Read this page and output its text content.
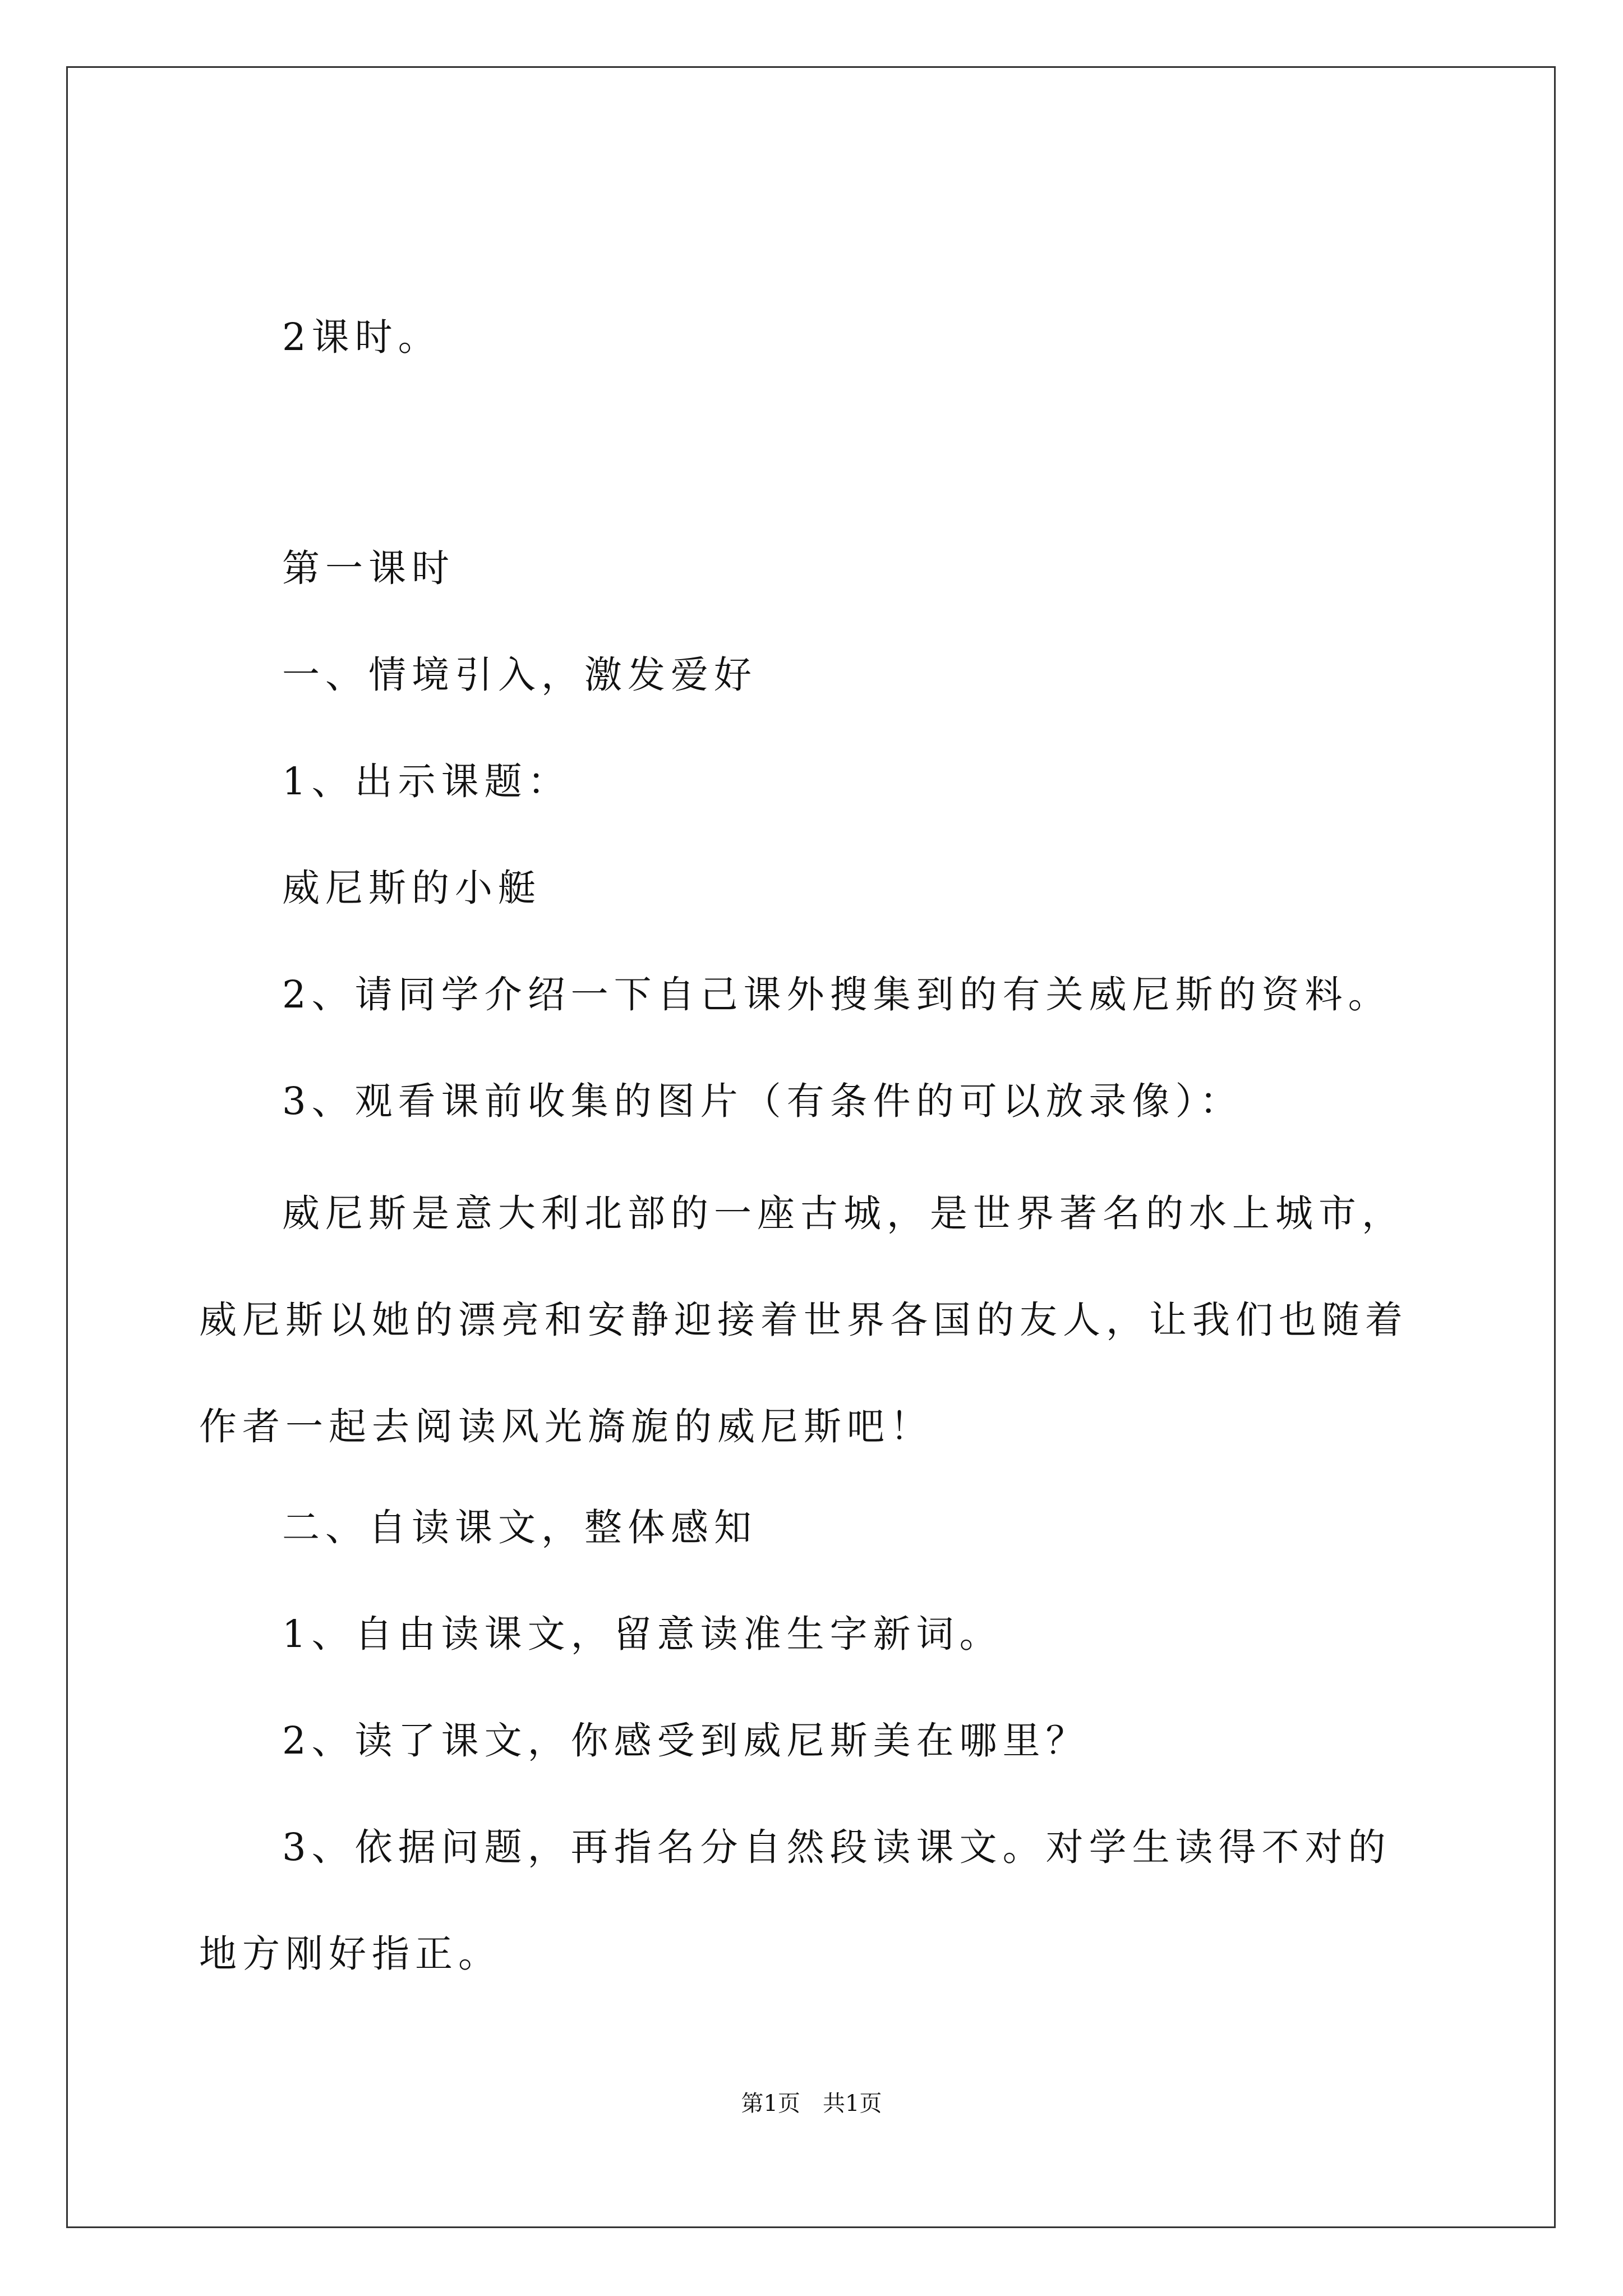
2课时。
第一课时
一、情境引入，激发爱好
1、出示课题：
威尼斯的小艇
2、请同学介绍一下自己课外搜集到的有关威尼斯的资料。
3、观看课前收集的图片（有条件的可以放录像）：
威尼斯是意大利北部的一座古城，是世界著名的水上城市，威尼斯以她的漂亮和安静迎接着世界各国的友人，让我们也随着作者一起去阅读风光旖旎的威尼斯吧！
二、自读课文，整体感知
1、自由读课文，留意读准生字新词。
2、读了课文，你感受到威尼斯美在哪里？
3、依据问题，再指名分自然段读课文。对学生读得不对的地方刚好指正。
第1页　共1页
